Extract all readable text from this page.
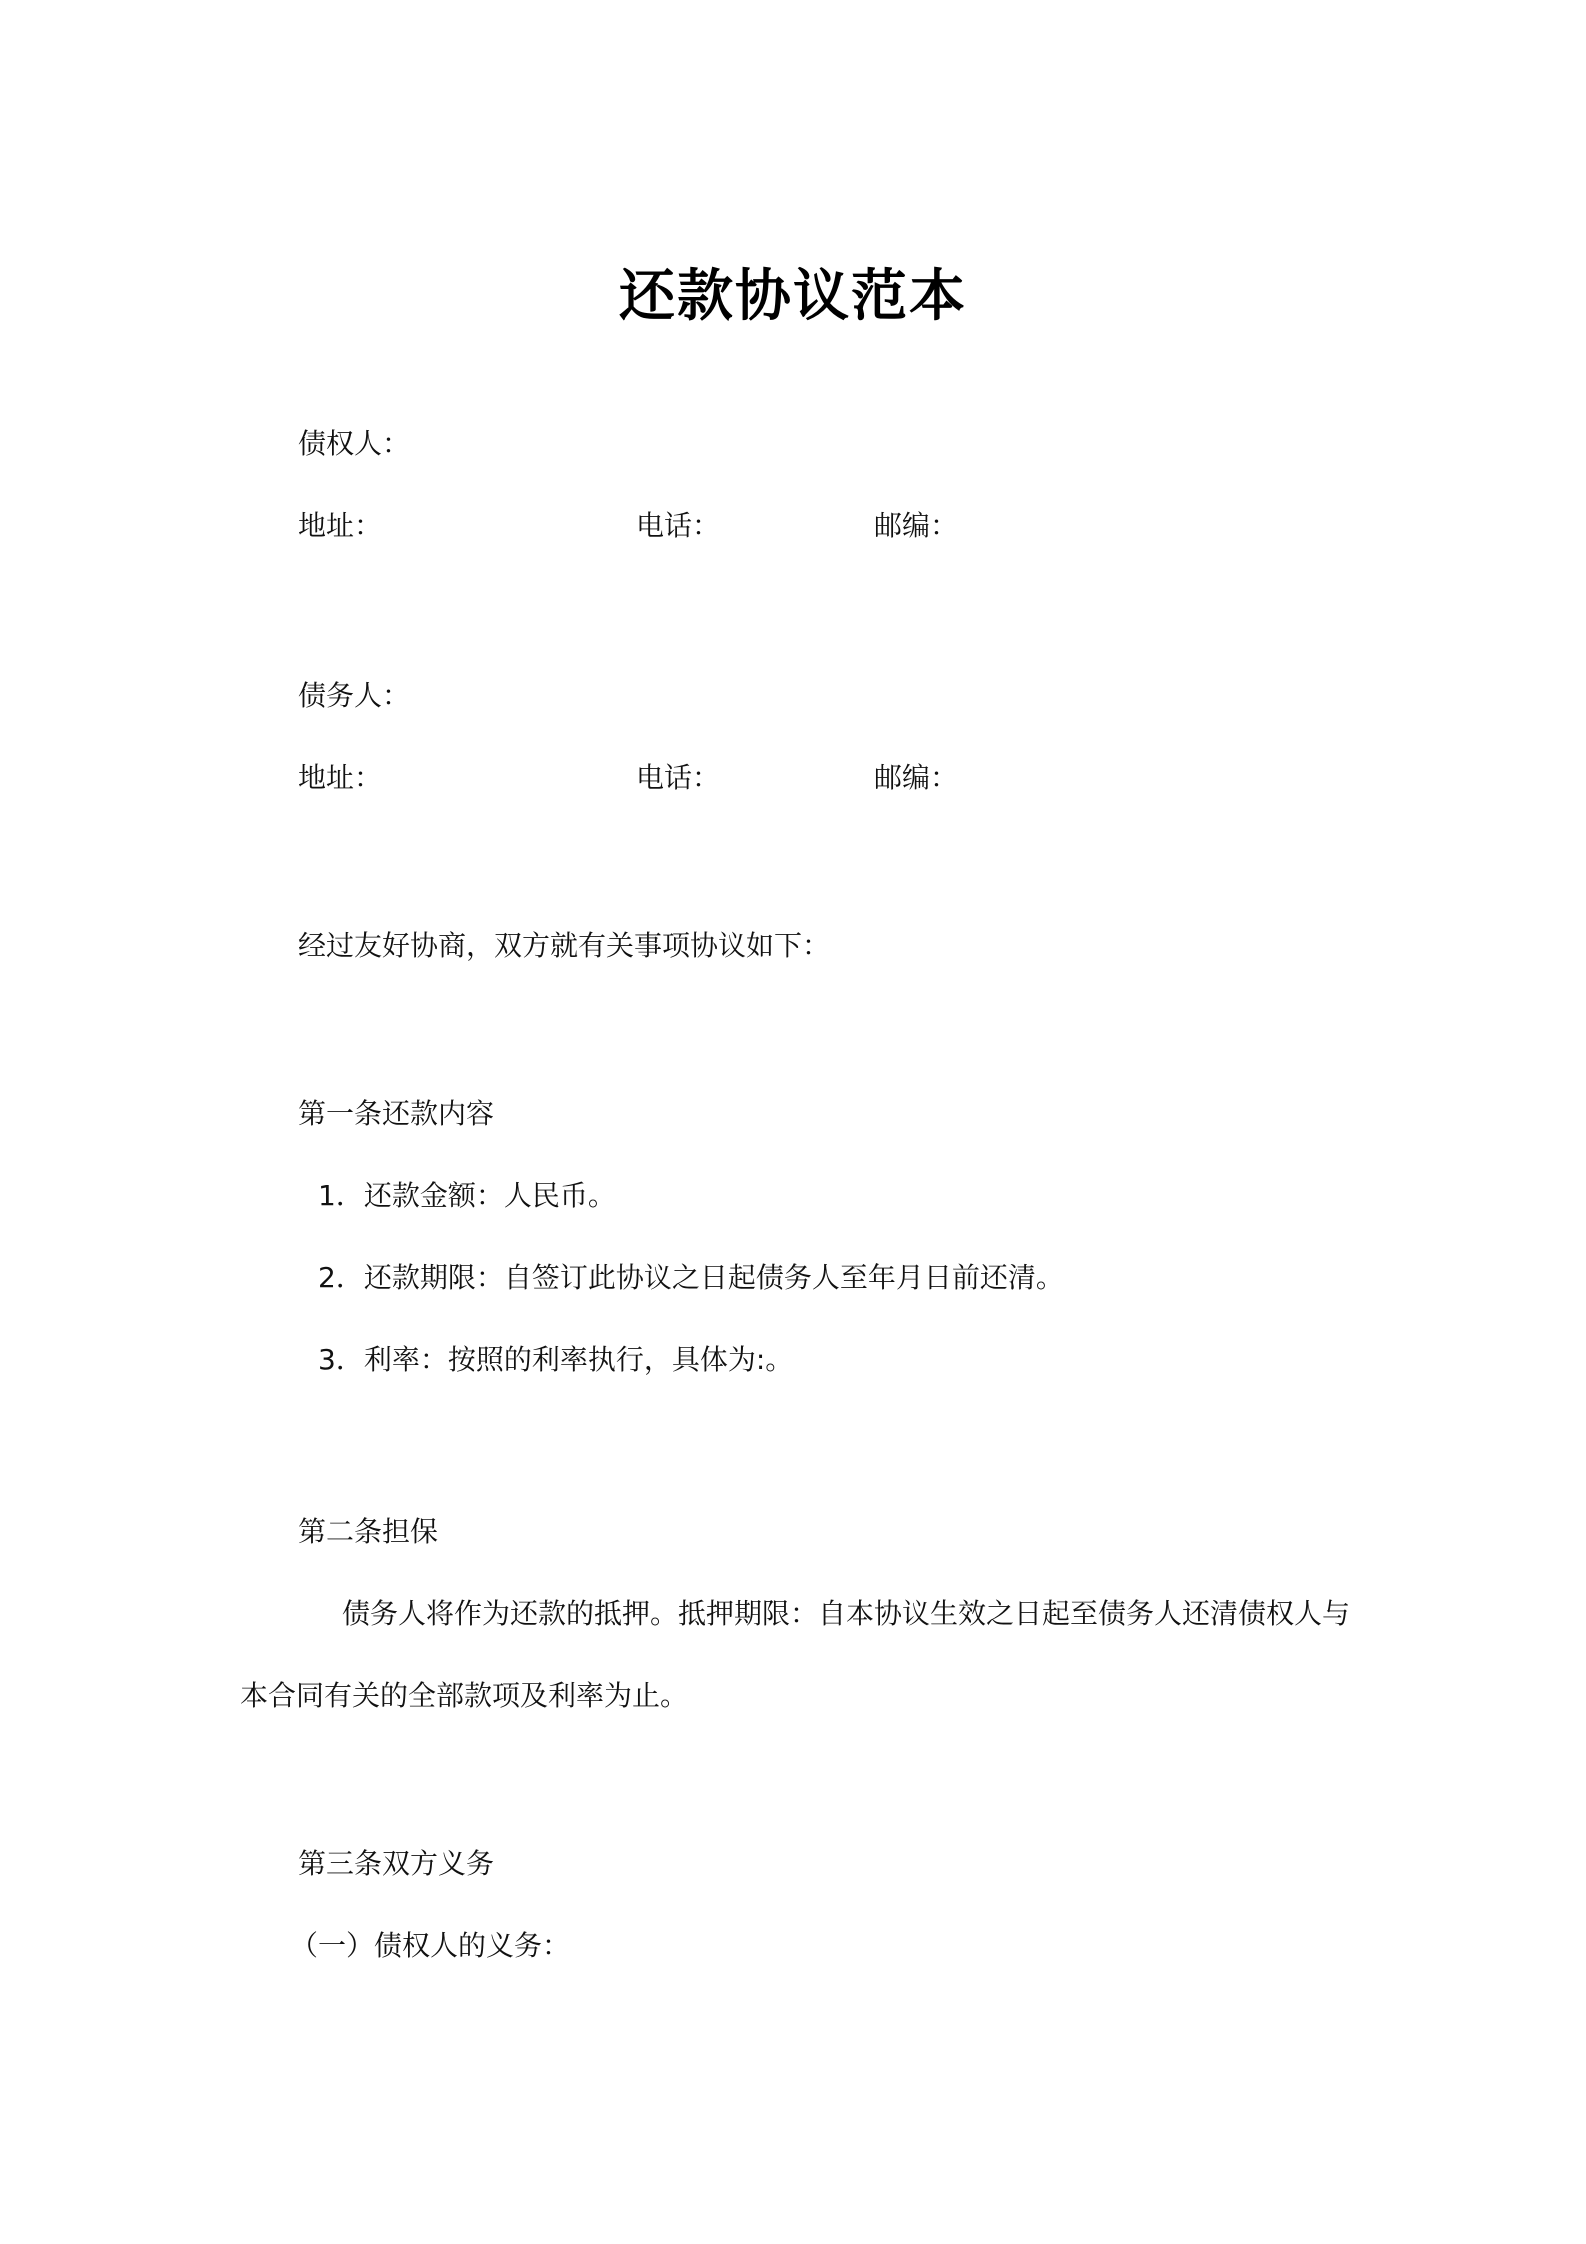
还款协议范本
债权人：
地址：	电话：	邮编：
债务人：
地址：	电话：	邮编：
经过友好协商，双方就有关事项协议如下：
第一条还款内容
1．还款金额：人民币。
2．还款期限：自签订此协议之日起债务人至年月日前还清。
3．利率：按照的利率执行，具体为:。
第二条担保
债务人将作为还款的抵押。抵押期限：自本协议生效之日起至债务人还清债权人与
本合同有关的全部款项及利率为止。
第三条双方义务
（一）债权人的义务：
